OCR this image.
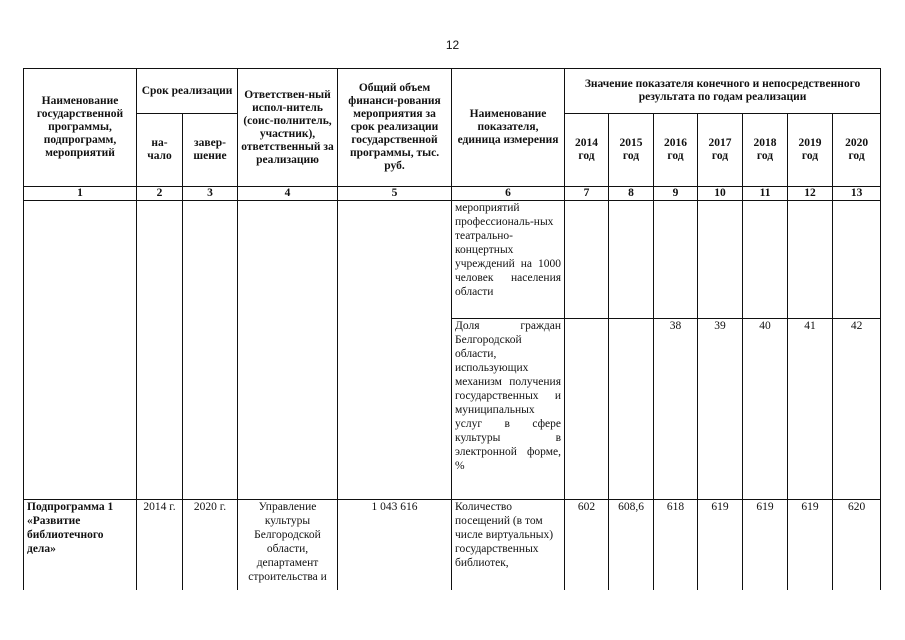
12
Наименование государственной программы, подпрограмм, мероприятий	Срок реализации		Ответствен-ный испол-нитель (соис-полнитель, участник), ответственный за реализацию	Общий объем финанси-рования мероприятия за срок реализации государственной программы, тыс. руб.	Наименование показателя, единица измерения	Значение показателя конечного и непосредственного результата по годам реализации						
	на-чало	завер-шение				2014 год	2015 год	2016 год	2017 год	2018 год	2019 год	2020 год
1	2	3	4	5	6	7	8	9	10	11	12	13
					мероприятий профессиональ-ных театрально-концертных учреждений на 1000 человек населения области							
					Доля граждан Белгородской области, использующих механизм получения государственных и муниципальных услуг в сфере культуры в электронной форме, %			38	39	40	41	42
Подпрограмма 1 «Развитие библиотечного дела»	2014 г.	2020 г.	Управление культуры Белгородской области, департамент строительства и	1 043 616	Количество посещений (в том числе виртуальных) государственных библиотек,	602	608,6	618	619	619	619	620
